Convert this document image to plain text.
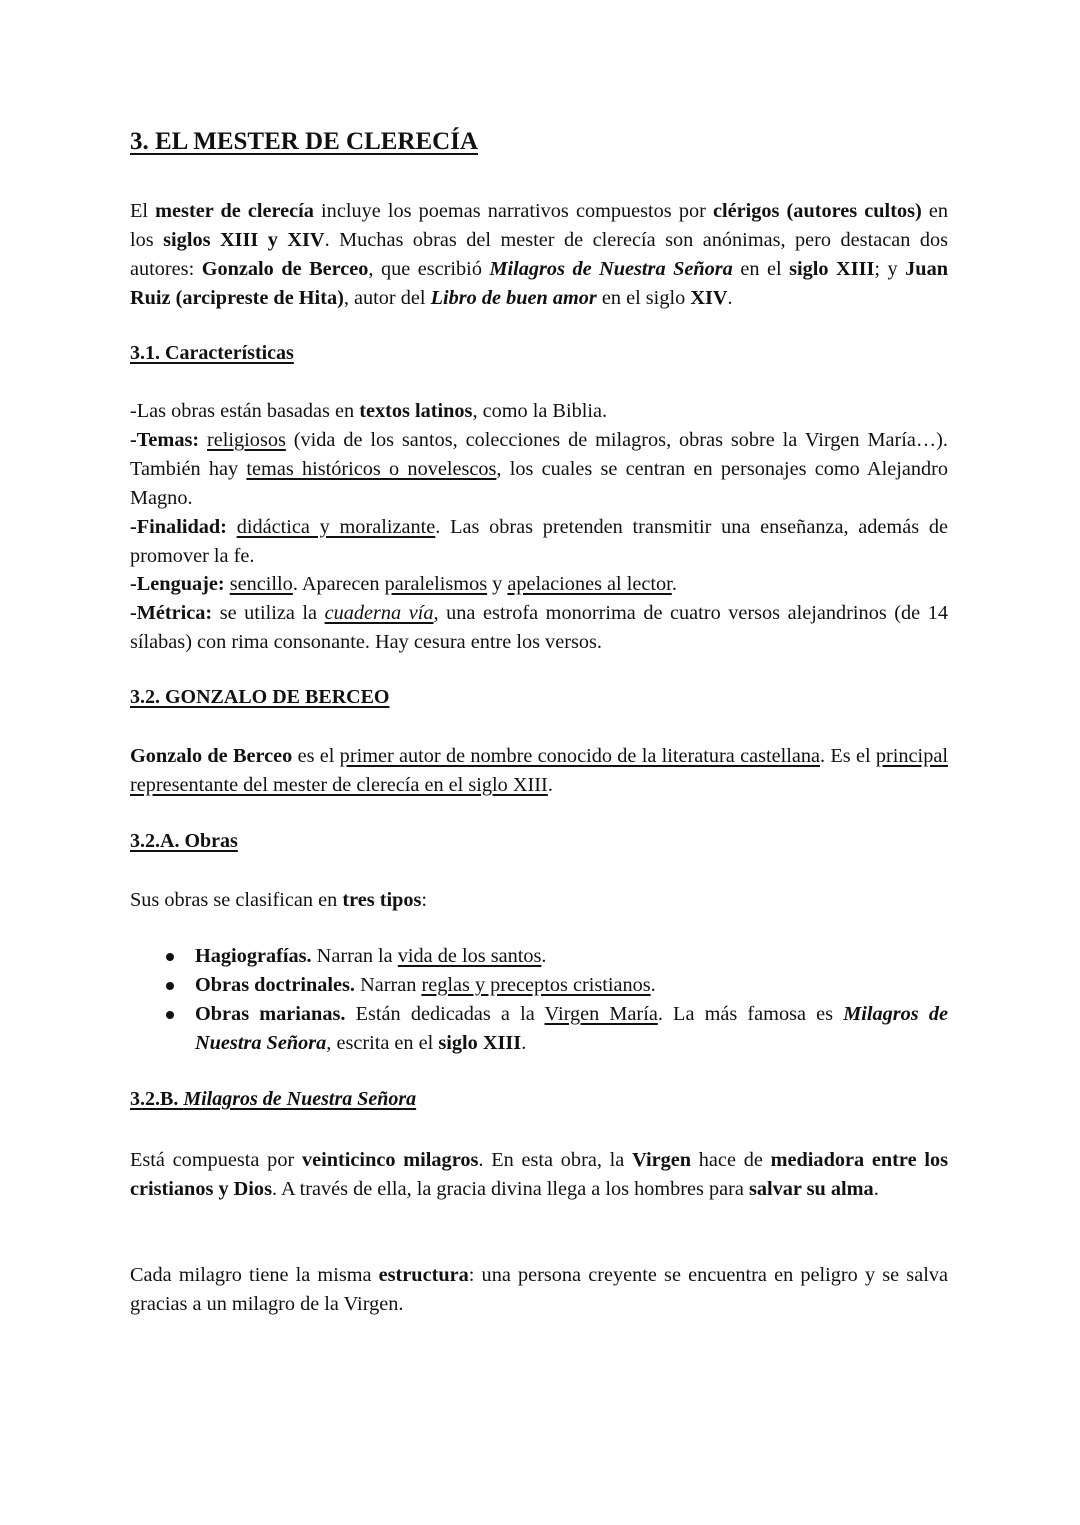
3. EL MESTER DE CLERECÍA

El mester de clerecía incluye los poemas narrativos compuestos por clérigos (autores cultos) en los siglos XIII y XIV. Muchas obras del mester de clerecía son anónimas, pero destacan dos autores: Gonzalo de Berceo, que escribió Milagros de Nuestra Señora en el siglo XIII; y Juan Ruiz (arcipreste de Hita), autor del Libro de buen amor en el siglo XIV.

3.1. Características

-Las obras están basadas en textos latinos, como la Biblia.
-Temas: religiosos (vida de los santos, colecciones de milagros, obras sobre la Virgen María…). También hay temas históricos o novelescos, los cuales se centran en personajes como Alejandro Magno.
-Finalidad: didáctica y moralizante. Las obras pretenden transmitir una enseñanza, además de promover la fe.
-Lenguaje: sencillo. Aparecen paralelismos y apelaciones al lector.
-Métrica: se utiliza la cuaderna vía, una estrofa monorrima de cuatro versos alejandrinos (de 14 sílabas) con rima consonante. Hay cesura entre los versos.

3.2. GONZALO DE BERCEO

Gonzalo de Berceo es el primer autor de nombre conocido de la literatura castellana. Es el principal representante del mester de clerecía en el siglo XIII.

3.2.A. Obras

Sus obras se clasifican en tres tipos:

Hagiografías. Narran la vida de los santos.
Obras doctrinales. Narran reglas y preceptos cristianos.
Obras marianas. Están dedicadas a la Virgen María. La más famosa es Milagros de Nuestra Señora, escrita en el siglo XIII.
3.2.B. Milagros de Nuestra Señora

Está compuesta por veinticinco milagros. En esta obra, la Virgen hace de mediadora entre los cristianos y Dios. A través de ella, la gracia divina llega a los hombres para salvar su alma.

Cada milagro tiene la misma estructura: una persona creyente se encuentra en peligro y se salva gracias a un milagro de la Virgen.
